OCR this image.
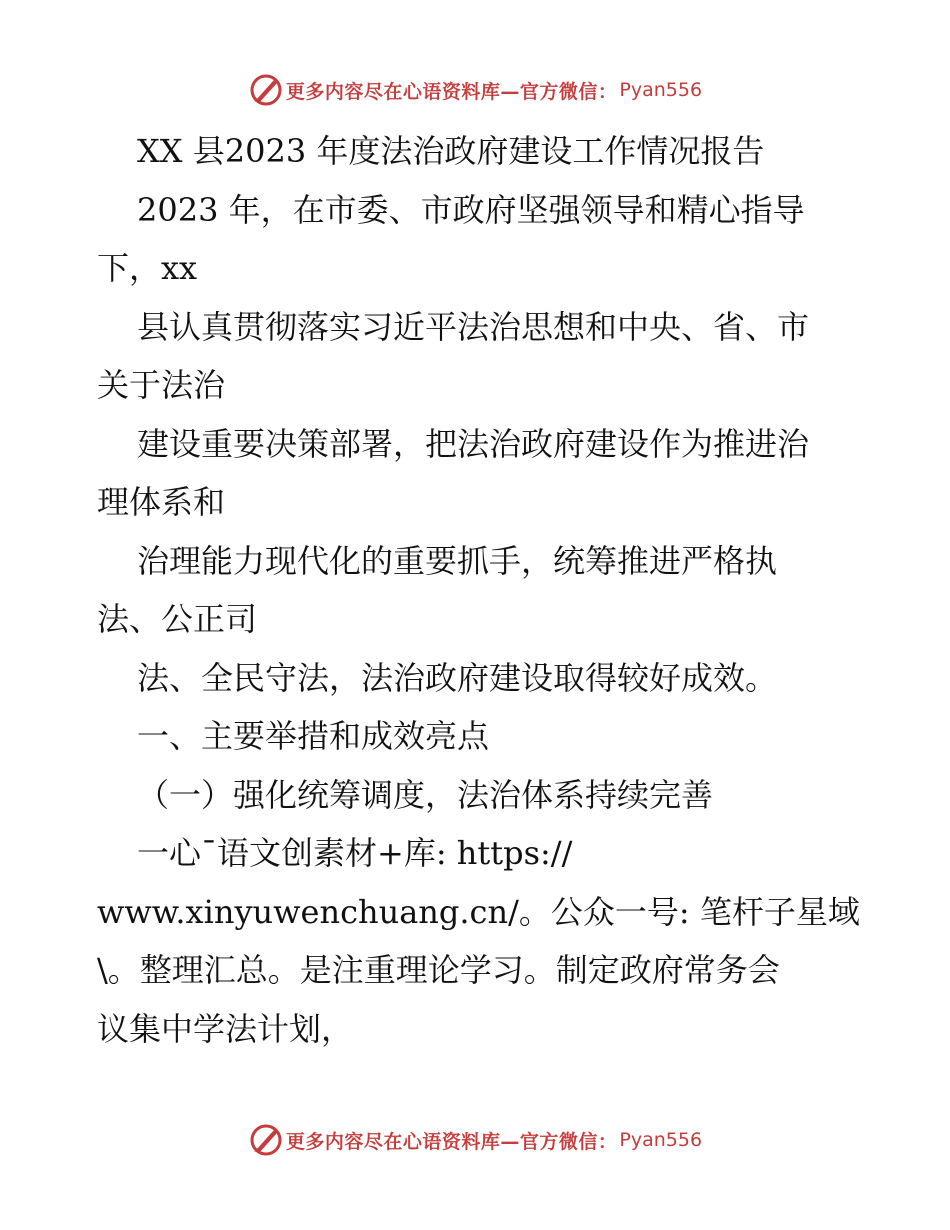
更多内容尽在心语资料库—官方微信： Pyan556
XX 县2023 年度法治政府建设工作情况报告
2023 年，在市委、市政府坚强领导和精心指导
下，xx
县认真贯彻落实习近平法治思想和中央、省、市
关于法治
建设重要决策部署，把法治政府建设作为推进治
理体系和
治理能力现代化的重要抓手，统筹推进严格执
法、公正司
法、全民守法，法治政府建设取得较好成效。
一、主要举措和成效亮点
（一）强化统筹调度，法治体系持续完善
一心¯语文创素材+库: https://
www.xinyuwenchuang.cn/。公众一号: 笔杆子星域
\。整理汇总。是注重理论学习。制定政府常务会
议集中学法计划，
更多内容尽在心语资料库—官方微信： Pyan556
